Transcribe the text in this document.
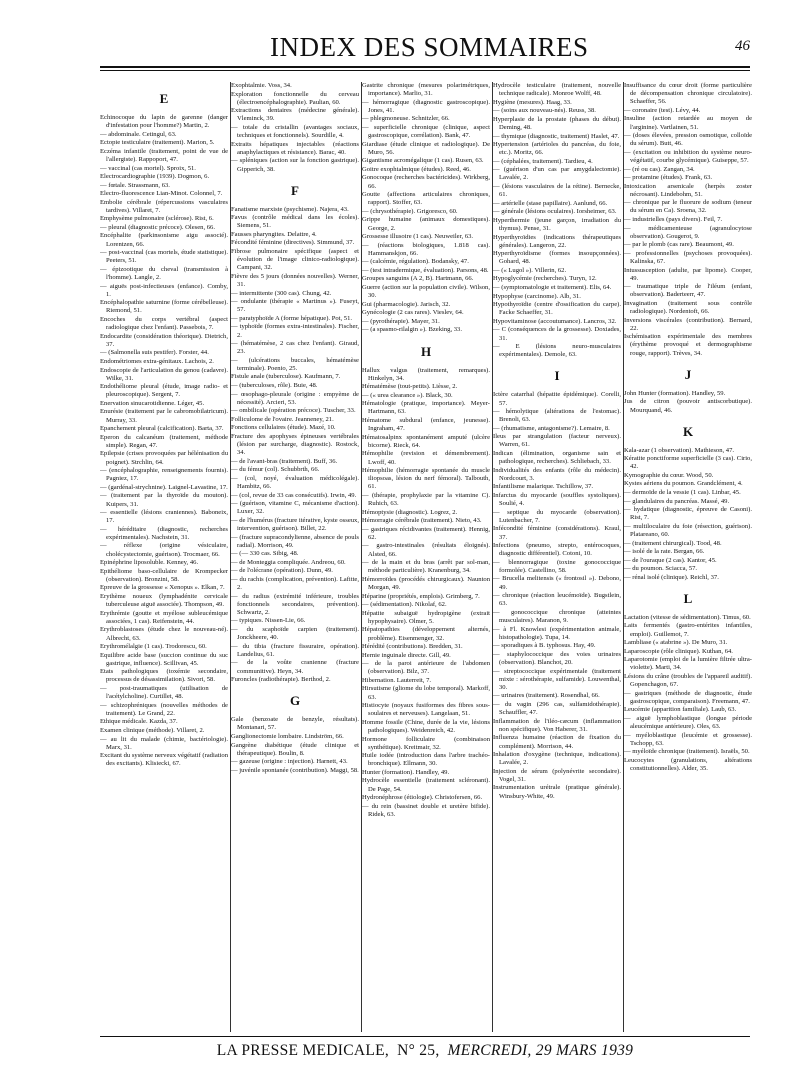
INDEX DES SOMMAIRES	46
E
Echinocoque du lapin de garenne (danger d'infestation pour l'homme?) Martin, 2.
— abdominale. Cetingul, 63.
Ectopie testiculaire (traitement). Marion, 5.
Eczéma infantile (traitement, point de vue de l'allergiste). Rappoport, 47.
— vaccinal (cas mortel). Sproix, 51.
Electrocardiographie (1939). Dogmon, 6.
— fœtale. Strassmann, 63.
Electro-fluorescence Lian-Minot. Colonnel, 7.
Embolie cérébrale (répercussions vasculaires tardives). Villaret, 7.
Emphysème pulmonaire (sclérose). Rist, 6.
— pleural (diagnostic précoce). Olesen, 66.
Encéphalite (parkinsonisme aigu associé). Lorentzen, 66.
— post-vaccinal (cas mortels, étude statistique). Peeters, 51.
— épizootique du cheval (transmission à l'homme). Langle, 2.
— aiguës post-infectieuses (enfance). Comby, 1.
Encéphalopathie saturnine (forme cérébelleuse). Riemond, 51.
Encoches du corps vertébral (aspect radiologique chez l'enfant). Passebois, 7.
Endocardite (considération théorique). Dietrich, 37.
— (Salmonella suis pestifer). Forster, 44.
Endométriomes extra-génitaux. Lachois, 2.
Endoscopie de l'articulation du genou (cadavre). Wilke, 31.
Endothéliome pleural (étude, image radio- et pleuroscopique). Sergent, 7.
Enervation sinucarotidienne. Léger, 45.
Enurésie (traitement par le cabromobilatricum). Murray, 33.
Epanchement pleural (calcification). Barta, 37.
Eperon du calcanéum (traitement, méthode simple). Regan, 47.
Epilepsie (crises provoquées par hélénisation du poignet). Strchlin, 64.
— (encéphalographie, renseignements fournis). Pagniez, 17.
— (gardénal-strychnine). Laignel-Lavastine, 17.
— (traitement par la thyroïde du mouton). Kuipers, 31.
— essentielle (lésions craniennes). Baboneix, 17.
— héréditaire (diagnostic, recherches expérimentales). Nachstein, 31.
— réflexe (origine vésiculaire, cholécystectomie, guérison). Trocmaer, 66.
Epinéphrine liposoluble. Kenney, 46.
Epithéliome baso-cellulaire de Krompecker (observation). Bronzini, 58.
Epreuve de la grossesse « Xenopus ». Elkan, 7.
Erythème noueux (lymphadénite cervicale tuberculeuse aiguë associée). Thompson, 49.
Erythrémie (goutte et myélose subleucémique associées, 1 cas). Reifenstein, 44.
Erythroblastoses (étude chez le nouveau-né). Albrecht, 63.
Erythromélalgie (1 cas). Trodorescu, 60.
Equilibre acide base (succion continue du suc gastrique, influence). Scillivan, 45.
Etats pathologiques (toxémie secondaire, processus de désassimilation). Sivori, 58.
— post-traumatiques (utilisation de l'acétylcholine). Curtillet, 48.
— schizophréniques (nouvelles méthodes de traitement). Le Grand, 22.
Ethique médicale. Kazda, 37.
Examen clinique (méthode). Villaret, 2.
— au lit du malade (chimie, bactériologie). Marx, 31.
Excitant du système nerveux végétatif (radiation des excitants). Klisiecki, 67.
Exophtalmie. Voss, 34.
Exploration fonctionnelle du cerveau (électroencéphalographie). Paulian, 60.
Extractions dentaires (médecine générale). Vleminck, 39.
— totale du cristallin (avantages sociaux, techniques et fonctionnels). Sourdille, 4.
Extraits hépatiques injectables (réactions anaphylactiques et résistance). Barac, 40.
— spléniques (action sur la fonction gastrique). Gipperich, 38.
F
Fanatisme marxiste (psychisme). Najera, 43.
Favus (contrôle médical dans les écoles). Siemens, 51.
Fausses pharyngites. Delattre, 4.
Fécondité féminine (directives). Simmund, 37.
Fibrose pulmonaire spécifique (aspect et évolution de l'image clinico-radiologique). Campani, 32.
Fièvre des 5 jours (données nouvelles). Werner, 31.
— intermittente (300 cas). Chung, 42.
— ondulante (thérapie « Martinus »). Fuseyt, 57.
— paratyphoïde A (forme hépatique). Pot, 51.
— typhoïde (formes extra-intestinales). Fischer, 2.
— (hématémèse, 2 cas chez l'enfant). Giraud, 23.
— (ulcérations buccales, hématémèse terminale). Poenio, 25.
Fistule anale (tuberculose). Kaufmann, 7.
— (tuberculoses, rôle). Buie, 48.
— œsophago-pleurale (origine : empyème de nécessité). Arcieri, 53.
— ombilicale (opération précoce). Tuscher, 33.
Folliculome de l'ovaire. Jeanneney, 21.
Fonctions cellulaires (étude). Mazé, 10.
Fracture des apophyses épineuses vertébrales (lésion par surcharge, diagnostic). Rostock, 34.
— de l'avant-bras (traitement). Buff, 36.
— du fémur (col). Schubbrth, 66.
— (col, noyé, évaluation médicolégale). Hambitz, 66.
— (col, revue de 33 cas consécutifs). Irwin, 49.
— (guérison, vitamine C, mécanisme d'action). Luxer, 32.
— de l'humérus (fracture itérative, kyste osseux, intervention, guérison). Billet, 22.
— (fracture supracondylienne, absence de pouls radial). Morrison, 49.
— (— 330 cas. Sibig, 48.
— de Monteggia compliquée. Andreou, 60.
— de l'olécrane (opération). Dunn, 49.
— du rachis (complication, prévention). Lafitte, 2.
— du radius (extrémité inférieure, troubles fonctionnels secondaires, prévention). Schwartz, 2.
— typiques. Nissen-Lie, 66.
— du scaphoïde carpien (traitement). Jonckheere, 40.
— du tibia (fracture fissuraire, opération). Landelius, 61.
— de la voûte cranienne (fracture communitive). Heyn, 34.
Furoncles (radiothérapie). Berthod, 2.
G
Gale (benzoate de benzyle, résultats). Montanari, 57.
Ganglionectomie lombaire. Lindström, 66.
Gangrène diabétique (étude clinique et thérapeutique). Boulin, 8.
— gazeuse (origine : injection). Harnett, 43.
— juvénile spontanée (contribution). Maggi, 58.
Gastrite chronique (mesures polarimétriques, importance). Marlio, 31.
— hémorragique (diagnostic gastroscopique). Jones, 41.
— phlegmoneuse. Schnitzler, 66.
— superficielle chronique (clinique, aspect gastroscopique, corrélation). Bank, 47.
Giardiase (étude clinique et radiologique). De Muro, 56.
Gigantisme acromégalique (1 cas). Rusen, 63.
Goitre exophtalmique (études). Reed, 46.
Gonocoque (recherches bactéricides). Wirkberg, 66.
Goutte (affections articulaires chroniques, rapport). Stoffer, 63.
— (chrysothérapie). Grigoresco, 60.
Grippe humaine (animaux domestiques). George, 2.
Grossesse illusoire (1 cas). Neuweiler, 63.
— (réactions biologiques, 1.818 cas). Hammanskjon, 66.
— (calcémie, régulation). Bodansky, 47.
— (test intradermique, évaluation). Parsons, 48.
Groupes sanguins (A 2, B). Hartmann, 66.
Guerre (action sur la population civile). Wilson, 30.
Gui (pharmacologie). Jarisch, 32.
Gynécologie (2 cas rares). Vieslev, 64.
— (pyrothérapie). Mayer, 31.
— (a spasmo-rilalgin »). Bzeking, 33.
H
Hallux valgus (traitement, remarques). Hinkelyn, 34.
Hématémèse (tout-petits). Lièsse, 2.
— (« urea clearance »). Black, 30.
Hématologie (pratique, importance). Meyer-Hartmann, 63.
Hématome subdural (enfance, jeunesse). Ingraham, 47.
Hématosalpinx spontanément amputé (ulcère bicorne). Rieck, 64.
Hémophilie (revision et démembrement). Lwoff, 40.
Hémophilie (hémorragie spontanée du muscle iliopsoas, lésion du nerf fémoral). Talbouth, 61.
— (thérapie, prophylaxie par la vitamine C). Ruhich, 63.
Hémoptysie (diagnostic). Logrez, 2.
Hémorragie cérébrale (traitement). Nieto, 43.
— gastriques récidivantes (traitement). Hennig, 62.
— gastro-intestinales (résultats éloignés). Alsted, 66.
— de la main et du bras (arrêt par sol-man, méthode particulière). Kranenburg, 34.
Hémorroïdes (procédés chirurgicaux). Naunton Morgan, 49.
Héparine (propriétés, emplois). Grimberg, 7.
— (sédimentation). Nikolaf, 62.
Hépatite subaiguë hydropigène (extrait hypophysaire). Olmer, 5.
Hépatopathies (développement alternés, problème). Eisenmenger, 32.
Hérédité (contributions). Bredden, 31.
Hernie inguinale directe. Gill, 49.
— de la paroi antérieure de l'abdomen (observation). Bilz, 37.
Hibernation. Lauterreit, 7.
Hirsutisme (gliome du lobe temporal). Markoff, 63.
Histiocyte (noyaux fusiformes des fibres sous-soulaires et nerveuses). Langelaan, 51.
Homme fossile (Chine, durée de la vie, lésions pathologiques). Weidenreich, 42.
Hormone folliculaire (combinaison synthétique). Kreitmair, 32.
Huile iodée (introduction dans l'arbre trachéo-bronchique). Ellmann, 30.
Hunter (formation). Handley, 49.
Hydrocèle essentielle (traitement scléronant). De Page, 54.
Hydronéphrose (étiologie). Christofersen, 66.
— du rein (bassinet double et uretère bifide). Ridek, 63.
Hydrocèle testiculaire (traitement, nouvelle technique radicale). Monroe Wolff, 48.
Hygiène (mesures). Haag, 33.
— (soins aux nouveau-nés). Reuss, 38.
Hyperplasie de la prostate (phases du début). Deming, 48.
— thymique (diagnostic, traitement) Haslet, 47.
Hypertension (artérioles du pancréas, du foie, etc.). Moritz, 66.
— (céphalées, traitement). Tardieu, 4.
— (guérison d'un cas par amygdalectomie). Lavalée, 2.
— (lésions vasculaires de la rétine). Bernecke, 61.
— artérielle (stase papillaire). Aanlund, 66.
— générale (lésions oculaires). Iorsheimer, 63.
Hyperthermie (jeune garçon, irradiation du thymus). Pense, 31.
Hyperthyroïdies (indications thérapeutiques générales). Langeron, 22.
Hyperthyroïdisme (formes insoupçonnées). Gohard, 48.
— (« Lugol »). Villerin, 62.
Hypoglycémie (recherches). Turyn, 12.
— (symptomatologie et traitement). Elis, 64.
Hypophyse (carcinome). Alb, 31.
Hypothyroïdie (centre d'ossification du carpe). Facke Schaeffer, 31.
Hypovitaminose (accoutumance). Lancros, 32.
— C (conséquences de la grossesse). Doxiades, 31.
— E (lésions neuro-musculaires expérimentales). Demole, 63.
I
Ictère catarrhal (hépatite épidémique). Corelli, 57.
— hémolytique (altérations de l'estomac). Brenoli, 63.
— (rhumatisme, antagonisme?). Lemaire, 8.
Ileus par strangulation (facteur nerveux). Warren, 61.
Indican (élimination, organisme sain et pathologique, recherches). Schliebach, 33.
Individualités des enfants (rôle du médecin). Nordcourt, 3.
Infantilisme malarique. Tschillow, 37.
Infarctus du myocarde (souffles systoliques). Soulié, 4.
— septique du myocarde (observation). Lutenbacher, 7.
Infécondité féminine (considérations). Kraul, 37.
Infections (pneumo, strepto, entérocoques, diagnostic différentiel). Cotoni, 10.
— blennorragique (toxine gonococcique formolée). Castellino, 58.
— Brucella melitensis (« frontosil »). Debono, 49.
— chronique (réaction leucémoïde). Bugstlein, 63.
— gonococcique chronique (atteintes musculaires). Maranon, 9.
— à Fl. Knowlesi (expérimentation animale, histopathologie). Tupa, 14.
— sporadiques à B. typhosus. Hay, 49.
— staphylococcique des voies urinaires (observation). Blanchot, 20.
— streptococcique expérimentale (traitement mixte : sérothérapie, sulfamide). Louwenthal, 30.
— urinaires (traitement). Rosendhal, 66.
— du vagin (296 cas, sulfamidothérapie). Schauffler, 47.
Inflammation de l'iléo-cæcum (inflammation non spécifique). Von Haberer, 31.
Influenza humaine (réaction de fixation du complément). Morrison, 44.
Inhalation d'oxygène (technique, indications). Lavalée, 2.
Injection de sérum (polynévrite secondaire). Vogel, 31.
Instrumentation urétrale (pratique générale). Winsbury-White, 49.
Insuffisance du cœur droit (forme particulière de décompensation chronique circulatoire). Schaeffer, 56.
— coronaire (test). Lévy, 44.
Insuline (action retardée au moyen de l'arginine). Vartlainen, 51.
— (doses élevées, pression osmotique, colloïde du sérum). Butt, 46.
— (excitation ou inhibition du système neuro-végétatif, courbe glycémique). Guiseppe, 57.
— (ré ou cas). Zangan, 34.
— protamine (études). Frank, 63.
Intoxication arsenicale (herpès zoster nécrosant). Lindebohm, 51.
— chronique par le fluorure de sodium (teneur du sérum en Ca). Sroena, 32.
— industrielles (pays divers). Feil, 7.
— médicamenteuse (agranulocytose observation). Gougerot, 9.
— par le plomb (cas rare). Beaumont, 49.
— professionnelles (psychoses provoquées). Kalinska, 67.
Intussusception (adulte, par lipome). Cooper, 49.
— traumatique triple de l'iléum (enfant, observation). Baderteerr, 47.
Invagination (traitement sous contrôle radiologique). Nordentoft, 66.
Inversions viscérales (contribution). Bernard, 22.
Ischémisation expérimentale des membres (érythème provoqué et dermographisme rouge, rapport). Trèves, 34.
J
John Hunter (formation). Handley, 59.
Jus de citron (pouvoir antiscorbutique). Mourquand, 46.
K
Kala-azar (1 observation). Mathieson, 47.
Kératite ponctiforme superficielle (3 cas). Cirio, 42.
Kymographie du cœur. Wood, 50.
Kystes aériens du poumon. Grandclément, 4.
— dermoïde de la vessie (1 cas). Linbar, 45.
— glandulaires du pancréas. Massé, 49.
— hydatique (diagnostic, épreuve de Casoni). Rist, 7.
— multiloculaire du foie (résection, guérison). Platareano, 60.
— (traitement chirurgical). Tood, 48.
— isolé de la rate. Bergan, 66.
— de l'ouraque (2 cas). Kantor, 45.
— du poumon. Sciacca, 57.
— rénal isolé (clinique). Reichl, 37.
L
Lactation (vitesse de sédimentation). Timus, 60.
Laits fermentés (gastro-entérites infantiles, emploi). Guillemot, 7.
Lambliase (« atabrine »). De Muro, 31.
Laparoscopie (rôle clinique). Kuthan, 64.
Laparotomie (emploi de la lumière filtrée ultra-violette). Marti, 34.
Lésions du crâne (troubles de l'appareil auditif). Gopenchagon, 67.
— gastriques (méthode de diagnostic, étude gastroscopique, comparaison). Freemann, 47.
Leucémie (apparition familiale). Laub, 63.
— aiguë lymphoblastique (longue période aleucémique antérieure). Oles, 63.
— myéloblastique (leucémie et grossesse). Tschopp, 63.
— myéloïde chronique (traitement). Israëls, 50.
Leucocytes (granulations, altérations constitutionnelles). Alder, 35.
LA PRESSE MEDICALE, N° 25, MERCREDI, 29 MARS 1939
